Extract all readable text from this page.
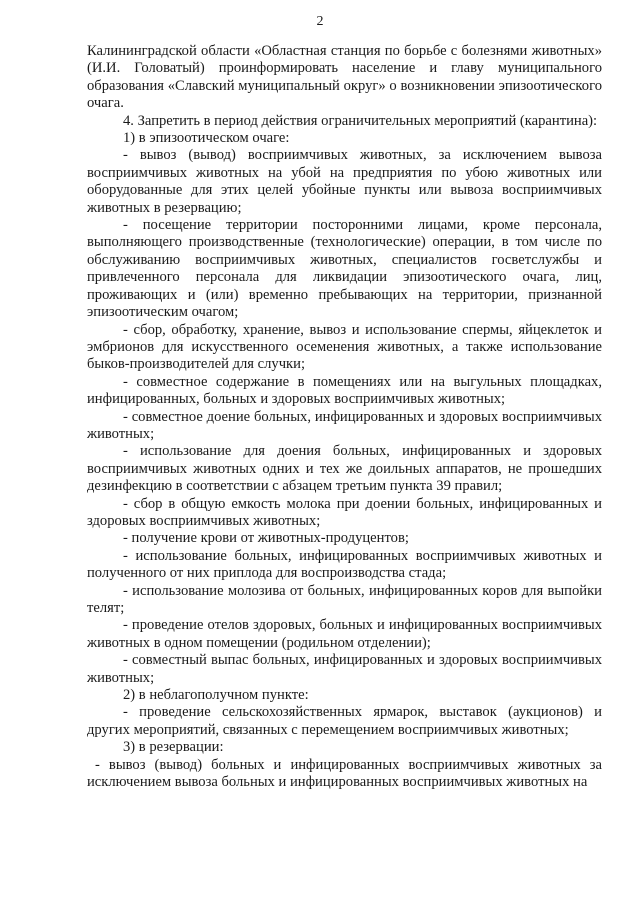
2

Калининградской области «Областная станция по борьбе с болезнями животных» (И.И. Головатый) проинформировать население и главу муниципального образования «Славский муниципальный округ» о возникновении эпизоотического очага.

4. Запретить в период действия ограничительных мероприятий (карантина):

1) в эпизоотическом очаге:

- вывоз (вывод) восприимчивых животных, за исключением вывоза восприимчивых животных на убой на предприятия по убою животных или оборудованные для этих целей убойные пункты или вывоза восприимчивых животных в резервацию;

- посещение территории посторонними лицами, кроме персонала, выполняющего производственные (технологические) операции, в том числе по обслуживанию восприимчивых животных, специалистов госветслужбы и привлеченного персонала для ликвидации эпизоотического очага, лиц, проживающих и (или) временно пребывающих на территории, признанной эпизоотическим очагом;

- сбор, обработку, хранение, вывоз и использование спермы, яйцеклеток и эмбрионов для искусственного осеменения животных, а также использование быков-производителей для случки;

- совместное содержание в помещениях или на выгульных площадках, инфицированных, больных и здоровых восприимчивых животных;

- совместное доение больных, инфицированных и здоровых восприимчивых животных;

- использование для доения больных, инфицированных и здоровых восприимчивых животных одних и тех же доильных аппаратов, не прошедших дезинфекцию в соответствии с абзацем третьим пункта 39 правил;

- сбор в общую емкость молока при доении больных, инфицированных и здоровых восприимчивых животных;

- получение крови от животных-продуцентов;

- использование больных, инфицированных восприимчивых животных и полученного от них приплода для воспроизводства стада;

- использование молозива от больных, инфицированных коров для выпойки телят;

- проведение отелов здоровых, больных и инфицированных восприимчивых животных в одном помещении (родильном отделении);

- совместный выпас больных, инфицированных и здоровых восприимчивых животных;

2) в неблагополучном пункте:

- проведение сельскохозяйственных ярмарок, выставок (аукционов) и других мероприятий, связанных с перемещением восприимчивых животных;

3) в резервации:

- вывоз (вывод) больных и инфицированных восприимчивых животных за исключением вывоза больных и инфицированных восприимчивых животных на
